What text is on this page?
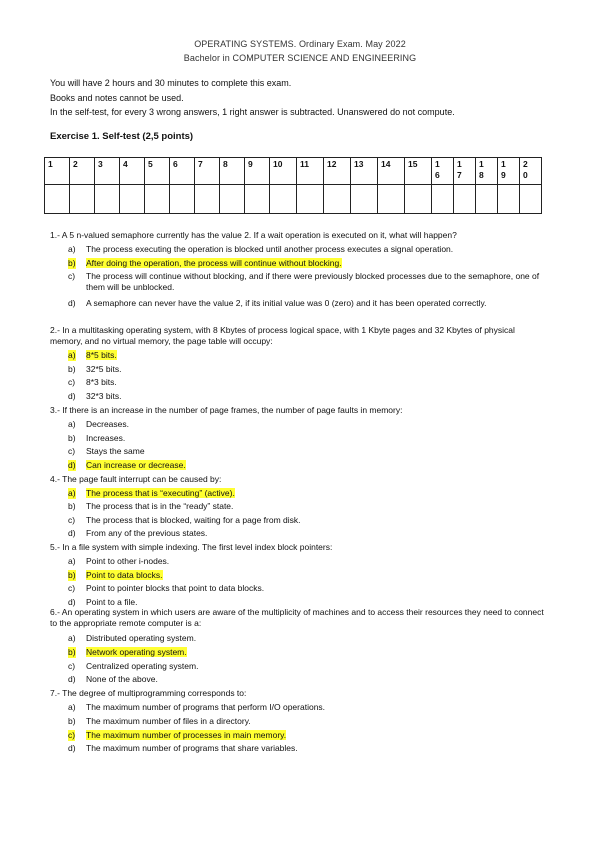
OPERATING SYSTEMS. Ordinary Exam. May 2022
Bachelor in COMPUTER SCIENCE AND ENGINEERING
You will have 2 hours and 30 minutes to complete this exam.
Books and notes cannot be used.
In the self-test, for every 3 wrong answers, 1 right answer is subtracted. Unanswered do not compute.
Exercise 1. Self-test (2,5 points)
1	2	3	4	5	6	7	8	9	10	11	12	13	14	15	1 6	1 7	1 8	1 9	2 0

1.- A 5 n-valued semaphore currently has the value 2. If a wait operation is executed on it, what will happen?
a) The process executing the operation is blocked until another process executes a signal operation.
b) After doing the operation, the process will continue without blocking.
c) The process will continue without blocking, and if there were previously blocked processes due to the semaphore, one of them will be unblocked.
d) A semaphore can never have the value 2, if its initial value was 0 (zero) and it has been operated correctly.
2.- In a multitasking operating system, with 8 Kbytes of process logical space, with 1 Kbyte pages and 32 Kbytes of physical memory, and no virtual memory, the page table will occupy:
a) 8*5 bits.
b) 32*5 bits.
c) 8*3 bits.
d) 32*3 bits.
3.- If there is an increase in the number of page frames, the number of page faults in memory:
a) Decreases.
b) Increases.
c) Stays the same
d) Can increase or decrease.
4.- The page fault interrupt can be caused by:
a) The process that is “executing” (active).
b) The process that is in the “ready” state.
c) The process that is blocked, waiting for a page from disk.
d) From any of the previous states.
5.- In a file system with simple indexing. The first level index block pointers:
a) Point to other i-nodes.
b) Point to data blocks.
c) Point to pointer blocks that point to data blocks.
d) Point to a file.
6.- An operating system in which users are aware of the multiplicity of machines and to access their resources they need to connect to the appropriate remote computer is a:
a) Distributed operating system.
b) Network operating system.
c) Centralized operating system.
d) None of the above.
7.- The degree of multiprogramming corresponds to:
a) The maximum number of programs that perform I/O operations.
b) The maximum number of files in a directory.
c) The maximum number of processes in main memory.
d) The maximum number of programs that share variables.
